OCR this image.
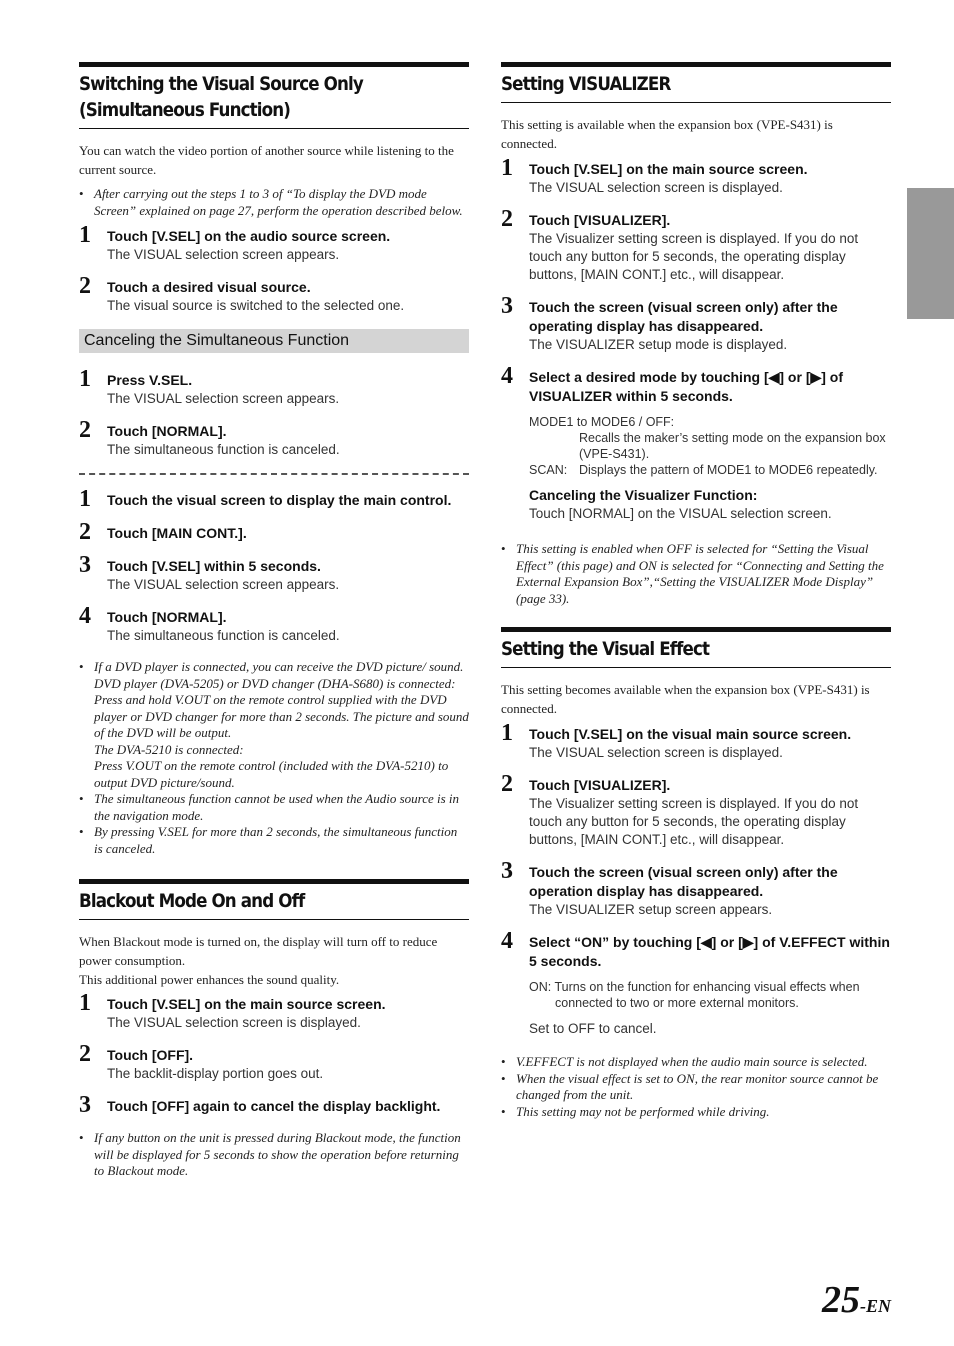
Switching the Visual Source Only
(Simultaneous Function)

You can watch the video portion of another source while listening to the current source.

• After carrying out the steps 1 to 3 of “To display the DVD mode Screen” explained on page 27, perform the operation described below.
1 Touch [V.SEL] on the audio source screen.
The VISUAL selection screen appears.
2 Touch a desired visual source.
The visual source is switched to the selected one.
Canceling the Simultaneous Function
1 Press V.SEL.
The VISUAL selection screen appears.
2 Touch [NORMAL].
The simultaneous function is canceled.
1 Touch the visual screen to display the main control.
2 Touch [MAIN CONT.].
3 Touch [V.SEL] within 5 seconds.
The VISUAL selection screen appears.
4 Touch [NORMAL].
The simultaneous function is canceled.
• If a DVD player is connected, you can receive the DVD picture/ sound.
DVD player (DVA-5205) or DVD changer (DHA-S680) is connected:
Press and hold V.OUT on the remote control supplied with the DVD player or DVD changer for more than 2 seconds. The picture and sound of the DVD will be output.
The DVA-5210 is connected:
Press V.OUT on the remote control (included with the DVA-5210) to output DVD picture/sound.
• The simultaneous function cannot be used when the Audio source is in the navigation mode.
• By pressing V.SEL for more than 2 seconds, the simultaneous function is canceled.
Blackout Mode On and Off

When Blackout mode is turned on, the display will turn off to reduce power consumption.
This additional power enhances the sound quality.

1 Touch [V.SEL] on the main source screen.
The VISUAL selection screen is displayed.
2 Touch [OFF].
The backlit-display portion goes out.
3 Touch [OFF] again to cancel the display backlight.
• If any button on the unit is pressed during Blackout mode, the function will be displayed for 5 seconds to show the operation before returning to Blackout mode.
Setting VISUALIZER

This setting is available when the expansion box (VPE-S431) is connected.

1 Touch [V.SEL] on the main source screen.
The VISUAL selection screen is displayed.
2 Touch [VISUALIZER].
The Visualizer setting screen is displayed. If you do not touch any button for 5 seconds, the operating display buttons, [MAIN CONT.] etc., will disappear.
3 Touch the screen (visual screen only) after the operating display has disappeared.
The VISUALIZER setup mode is displayed.
4 Select a desired mode by touching [◀] or [▶] of VISUALIZER within 5 seconds.
MODE1 to MODE6 / OFF:
Recalls the maker’s setting mode on the expansion box (VPE-S431).
SCAN: Displays the pattern of MODE1 to MODE6 repeatedly.
Canceling the Visualizer Function:
Touch [NORMAL] on the VISUAL selection screen.
• This setting is enabled when OFF is selected for “Setting the Visual Effect” (this page) and ON is selected for “Connecting and Setting the External Expansion Box”,“Setting the VISUALIZER Mode Display” (page 33).
Setting the Visual Effect

This setting becomes available when the expansion box (VPE-S431) is connected.

1 Touch [V.SEL] on the visual main source screen.
The VISUAL selection screen is displayed.
2 Touch [VISUALIZER].
The Visualizer setting screen is displayed. If you do not touch any button for 5 seconds, the operating display buttons, [MAIN CONT.] etc., will disappear.
3 Touch the screen (visual screen only) after the operation display has disappeared.
The VISUALIZER setup screen appears.
4 Select “ON” by touching [◀] or [▶] of V.EFFECT within 5 seconds.
ON: Turns on the function for enhancing visual effects when connected to two or more external monitors.
Set to OFF to cancel.
• V.EFFECT is not displayed when the audio main source is selected.
• When the visual effect is set to ON, the rear monitor source cannot be changed from the unit.
• This setting may not be performed while driving.
25-EN
